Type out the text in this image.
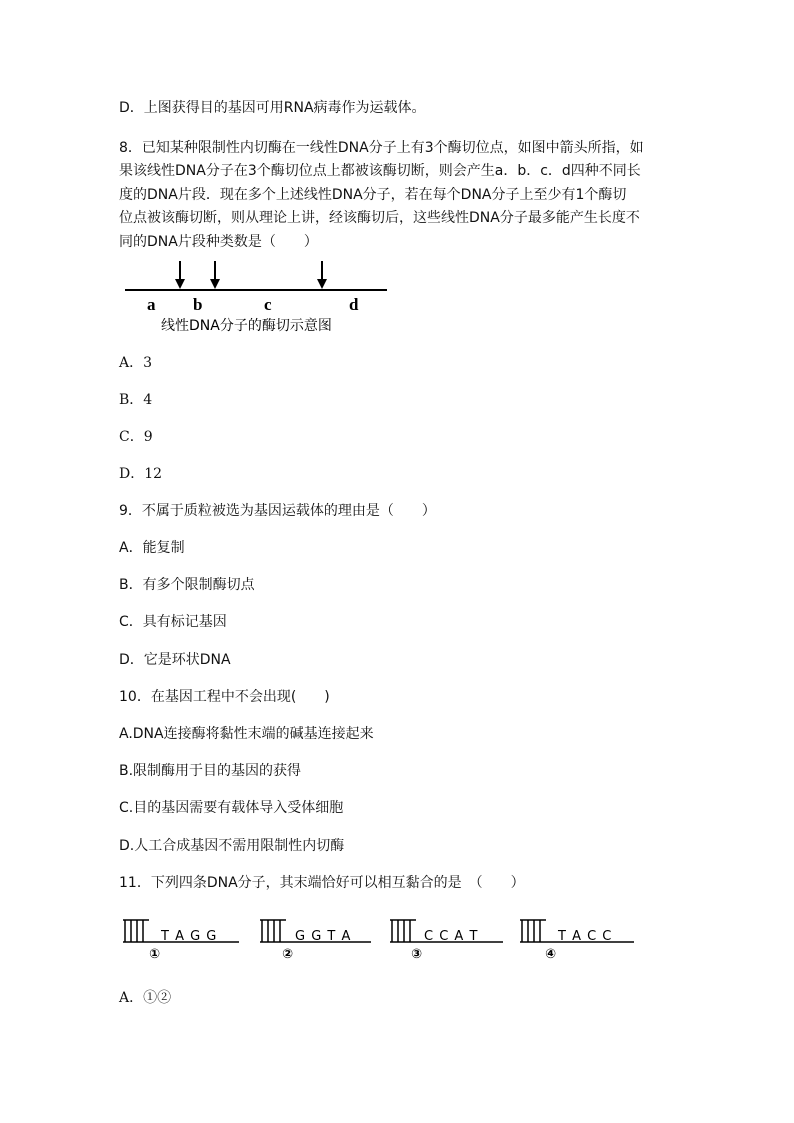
D．上图获得目的基因可用RNA病毒作为运载体。
8．已知某种限制性内切酶在一线性DNA分子上有3个酶切位点，如图中箭头所指，如
果该线性DNA分子在3个酶切位点上都被该酶切断，则会产生a．b．c．d四种不同长
度的DNA片段．现在多个上述线性DNA分子，若在每个DNA分子上至少有1个酶切
位点被该酶切断，则从理论上讲，经该酶切后，这些线性DNA分子最多能产生长度不
同的DNA片段种类数是（　　）
a b	c	d
线性DNA分子的酶切示意图
A．3
B．4
C．9
D．12
9．不属于质粒被选为基因运载体的理由是（　　）
A．能复制
B．有多个限制酶切点
C．具有标记基因
D．它是环状DNA
10．在基因工程中不会出现(　　)
A.DNA连接酶将黏性末端的碱基连接起来
B.限制酶用于目的基因的获得
C.目的基因需要有载体导入受体细胞
D.人工合成基因不需用限制性内切酶
11．下列四条DNA分子，其末端恰好可以相互黏合的是　（　　）
T A G G
①
G G T A
②
C C A T
③
T A C C
④
A．①②
